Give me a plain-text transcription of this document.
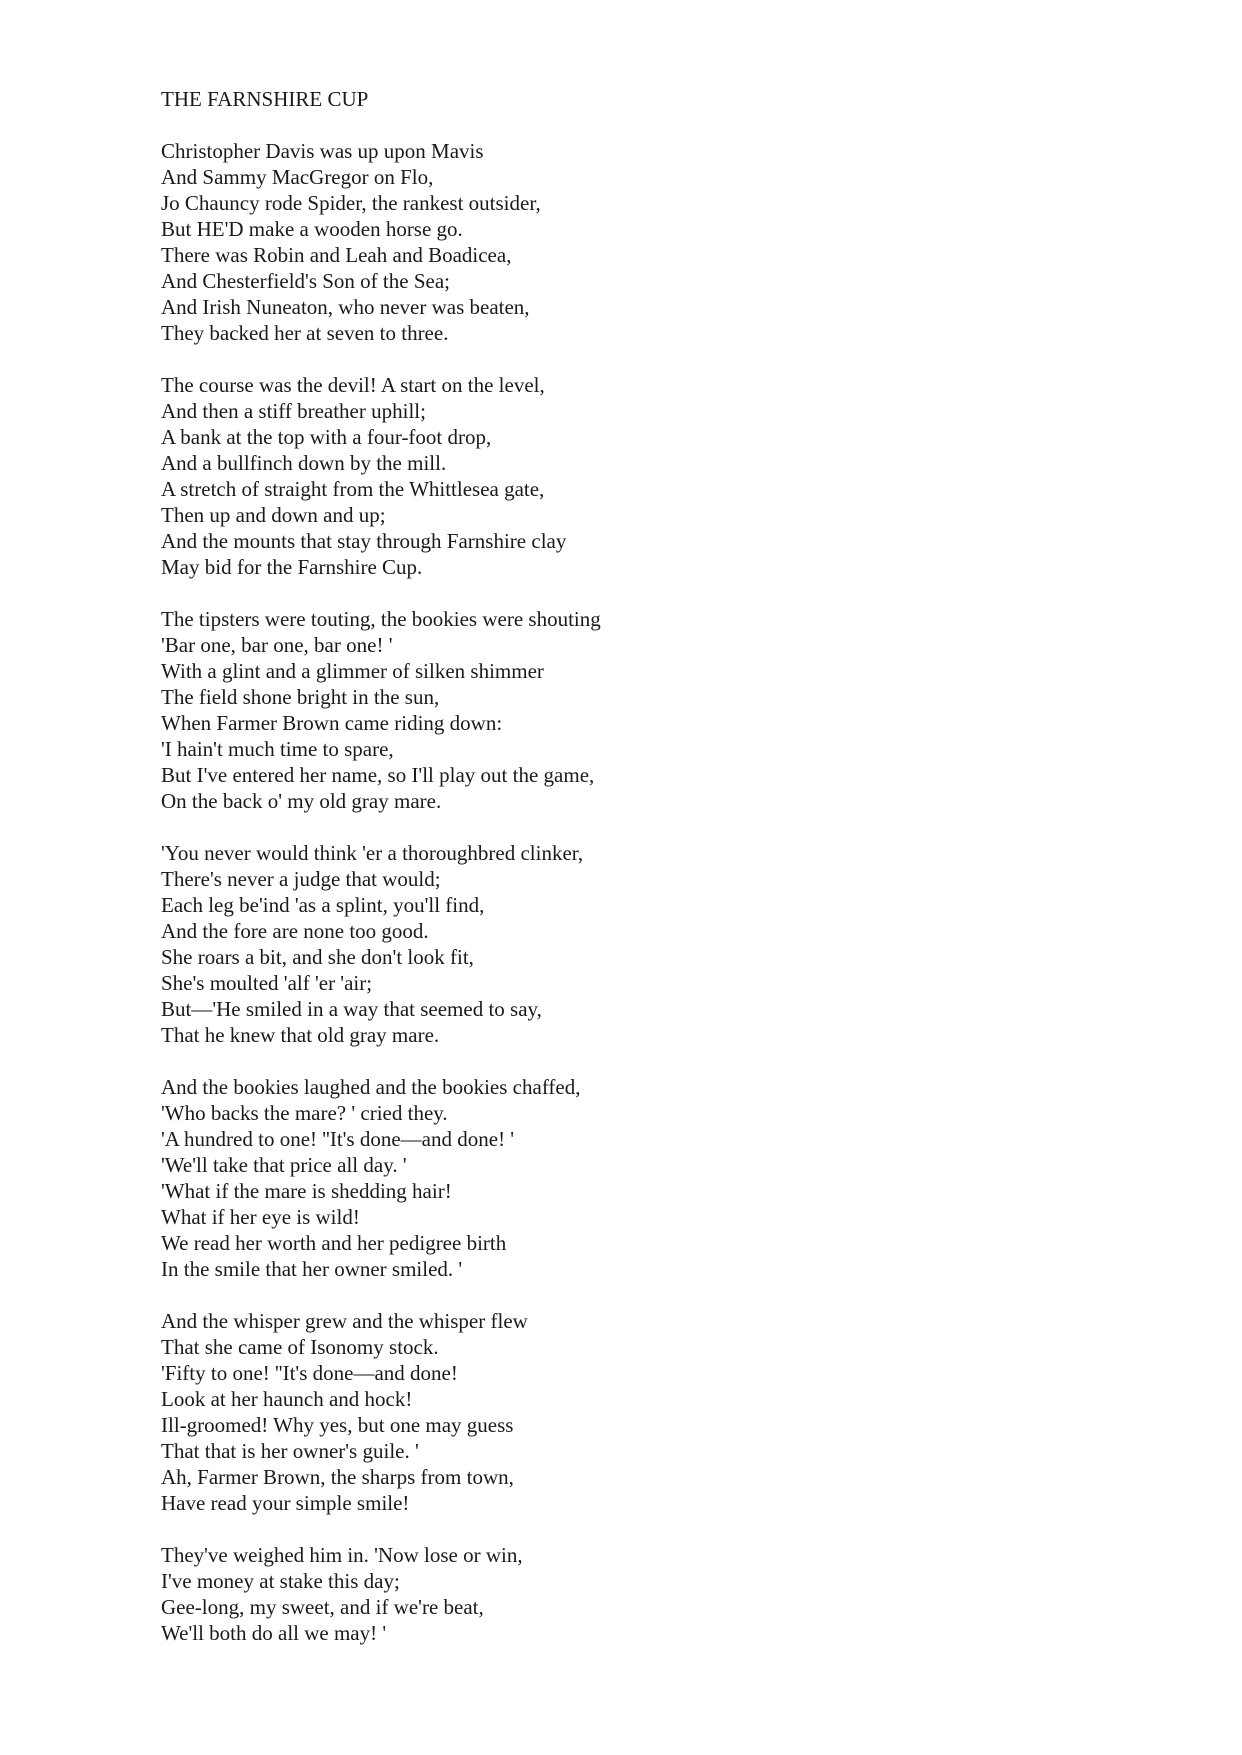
THE FARNSHIRE CUP
Christopher Davis was up upon Mavis
And Sammy MacGregor on Flo,
Jo Chauncy rode Spider, the rankest outsider,
But HE'D make a wooden horse go.
There was Robin and Leah and Boadicea,
And Chesterfield's Son of the Sea;
And Irish Nuneaton, who never was beaten,
They backed her at seven to three.
The course was the devil! A start on the level,
And then a stiff breather uphill;
A bank at the top with a four-foot drop,
And a bullfinch down by the mill.
A stretch of straight from the Whittlesea gate,
Then up and down and up;
And the mounts that stay through Farnshire clay
May bid for the Farnshire Cup.
The tipsters were touting, the bookies were shouting
'Bar one, bar one, bar one! '
With a glint and a glimmer of silken shimmer
The field shone bright in the sun,
When Farmer Brown came riding down:
'I hain't much time to spare,
But I've entered her name, so I'll play out the game,
On the back o' my old gray mare.
'You never would think 'er a thoroughbred clinker,
There's never a judge that would;
Each leg be'ind 'as a splint, you'll find,
And the fore are none too good.
She roars a bit, and she don't look fit,
She's moulted 'alf 'er 'air;
But—'He smiled in a way that seemed to say,
That he knew that old gray mare.
And the bookies laughed and the bookies chaffed,
'Who backs the mare? ' cried they.
'A hundred to one! ''It's done—and done! '
'We'll take that price all day. '
'What if the mare is shedding hair!
What if her eye is wild!
We read her worth and her pedigree birth
In the smile that her owner smiled. '
And the whisper grew and the whisper flew
That she came of Isonomy stock.
'Fifty to one! ''It's done—and done!
Look at her haunch and hock!
Ill-groomed! Why yes, but one may guess
That that is her owner's guile. '
Ah, Farmer Brown, the sharps from town,
Have read your simple smile!
They've weighed him in. 'Now lose or win,
I've money at stake this day;
Gee-long, my sweet, and if we're beat,
We'll both do all we may! '
